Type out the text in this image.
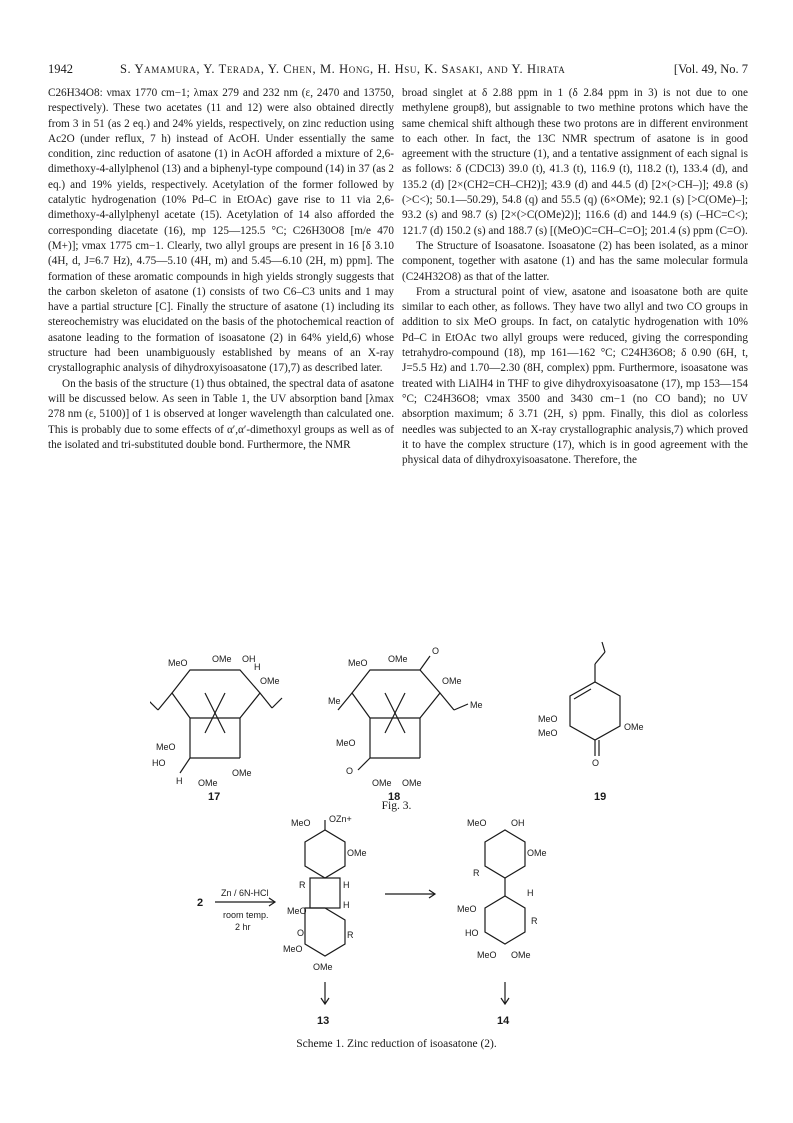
1942	S. Yamamura, Y. Terada, Y. Chen, M. Hong, H. Hsu, K. Sasaki, and Y. Hirata	[Vol. 49, No. 7

C26H34O8: νmax 1770 cm−1; λmax 279 and 232 nm (ε, 2470 and 13750, respectively). These two acetates (11 and 12) were also obtained directly from 3 in 51 (as 2 eq.) and 24% yields, respectively, on zinc reduction using Ac2O (under reflux, 7 h) instead of AcOH. Under essentially the same condition, zinc reduction of asatone (1) in AcOH afforded a mixture of 2,6-dimethoxy-4-allylphenol (13) and a biphenyl-type compound (14) in 37 (as 2 eq.) and 19% yields, respectively. Acetylation of the former followed by catalytic hydrogenation (10% Pd–C in EtOAc) gave rise to 11 via 2,6-dimethoxy-4-allylphenyl acetate (15). Acetylation of 14 also afforded the corresponding diacetate (16), mp 125—125.5 °C; C26H30O8 [m/e 470 (M+)]; νmax 1775 cm−1. Clearly, two allyl groups are present in 16 [δ 3.10 (4H, d, J=6.7 Hz), 4.75—5.10 (4H, m) and 5.45—6.10 (2H, m) ppm]. The formation of these aromatic compounds in high yields strongly suggests that the carbon skeleton of asatone (1) consists of two C6–C3 units and 1 may have a partial structure [C]. Finally the structure of asatone (1) including its stereochemistry was elucidated on the basis of the photochemical reaction of asatone leading to the formation of isoasatone (2) in 64% yield,6) whose structure had been unambiguously established by means of an X-ray crystallographic analysis of dihydroxyisoasatone (17),7) as described later.

On the basis of the structure (1) thus obtained, the spectral data of asatone will be discussed below. As seen in Table 1, the UV absorption band [λmax 278 nm (ε, 5100)] of 1 is observed at longer wavelength than calculated one. This is probably due to some effects of α′,α′-dimethoxyl groups as well as of the isolated and tri-substituted double bond. Furthermore, the NMR

broad singlet at δ 2.88 ppm in 1 (δ 2.84 ppm in 3) is not due to one methylene group8), but assignable to two methine protons which have the same chemical shift although these two protons are in different environment to each other. In fact, the 13C NMR spectrum of asatone is in good agreement with the structure (1), and a tentative assignment of each signal is as follows: δ (CDCl3) 39.0 (t), 41.3 (t), 116.9 (t), 118.2 (t), 133.4 (d), and 135.2 (d) [2×(CH2=CH–CH2)]; 43.9 (d) and 44.5 (d) [2×(>CH–)]; 49.8 (s) (>C<); 50.1—50.29), 54.8 (q) and 55.5 (q) (6×OMe); 92.1 (s) [>C(OMe)–]; 93.2 (s) and 98.7 (s) [2×(>C(OMe)2)]; 116.6 (d) and 144.9 (s) (–HC=C<); 121.7 (d) 150.2 (s) and 188.7 (s) [(MeO)C=CH–C=O]; 201.4 (s) ppm (C=O).

The Structure of Isoasatone. Isoasatone (2) has been isolated, as a minor component, together with asatone (1) and has the same molecular formula (C24H32O8) as that of the latter.

From a structural point of view, asatone and isoasatone both are quite similar to each other, as follows. They have two allyl and two CO groups in addition to six MeO groups. In fact, on catalytic hydrogenation with 10% Pd–C in EtOAc two allyl groups were reduced, giving the corresponding tetrahydro-compound (18), mp 161—162 °C; C24H36O8; δ 0.90 (6H, t, J=5.5 Hz) and 1.70—2.30 (8H, complex) ppm. Furthermore, isoasatone was treated with LiAlH4 in THF to give dihydroxyisoasatone (17), mp 153—154 °C; C24H36O8; νmax 3500 and 3430 cm−1 (no CO band); no UV absorption maximum; δ 3.71 (2H, s) ppm. Finally, this diol as colorless needles was subjected to an X-ray crystallographic analysis,7) which proved it to have the complex structure (17), which is in good agreement with the physical data of dihydroxyisoasatone. Therefore, the

MeO	OMe OH
OMe
MeO
HO
H OMe
OMe
H	MeO OMe
O
OMe
Me	Me
MeO
O
OMe OMe
MeO
MeO
OMe
O
17	18	19
Fig. 3.
2
Zn / 6N-HCl
room temp.
2 hr
MeO OZn+
OMe
R	H
MeO
H
O	R
MeO
OMe
MeO	OH
OMe
R
H
MeO
R
HO
MeO OMe
13	14
Scheme 1. Zinc reduction of isoasatone (2).
